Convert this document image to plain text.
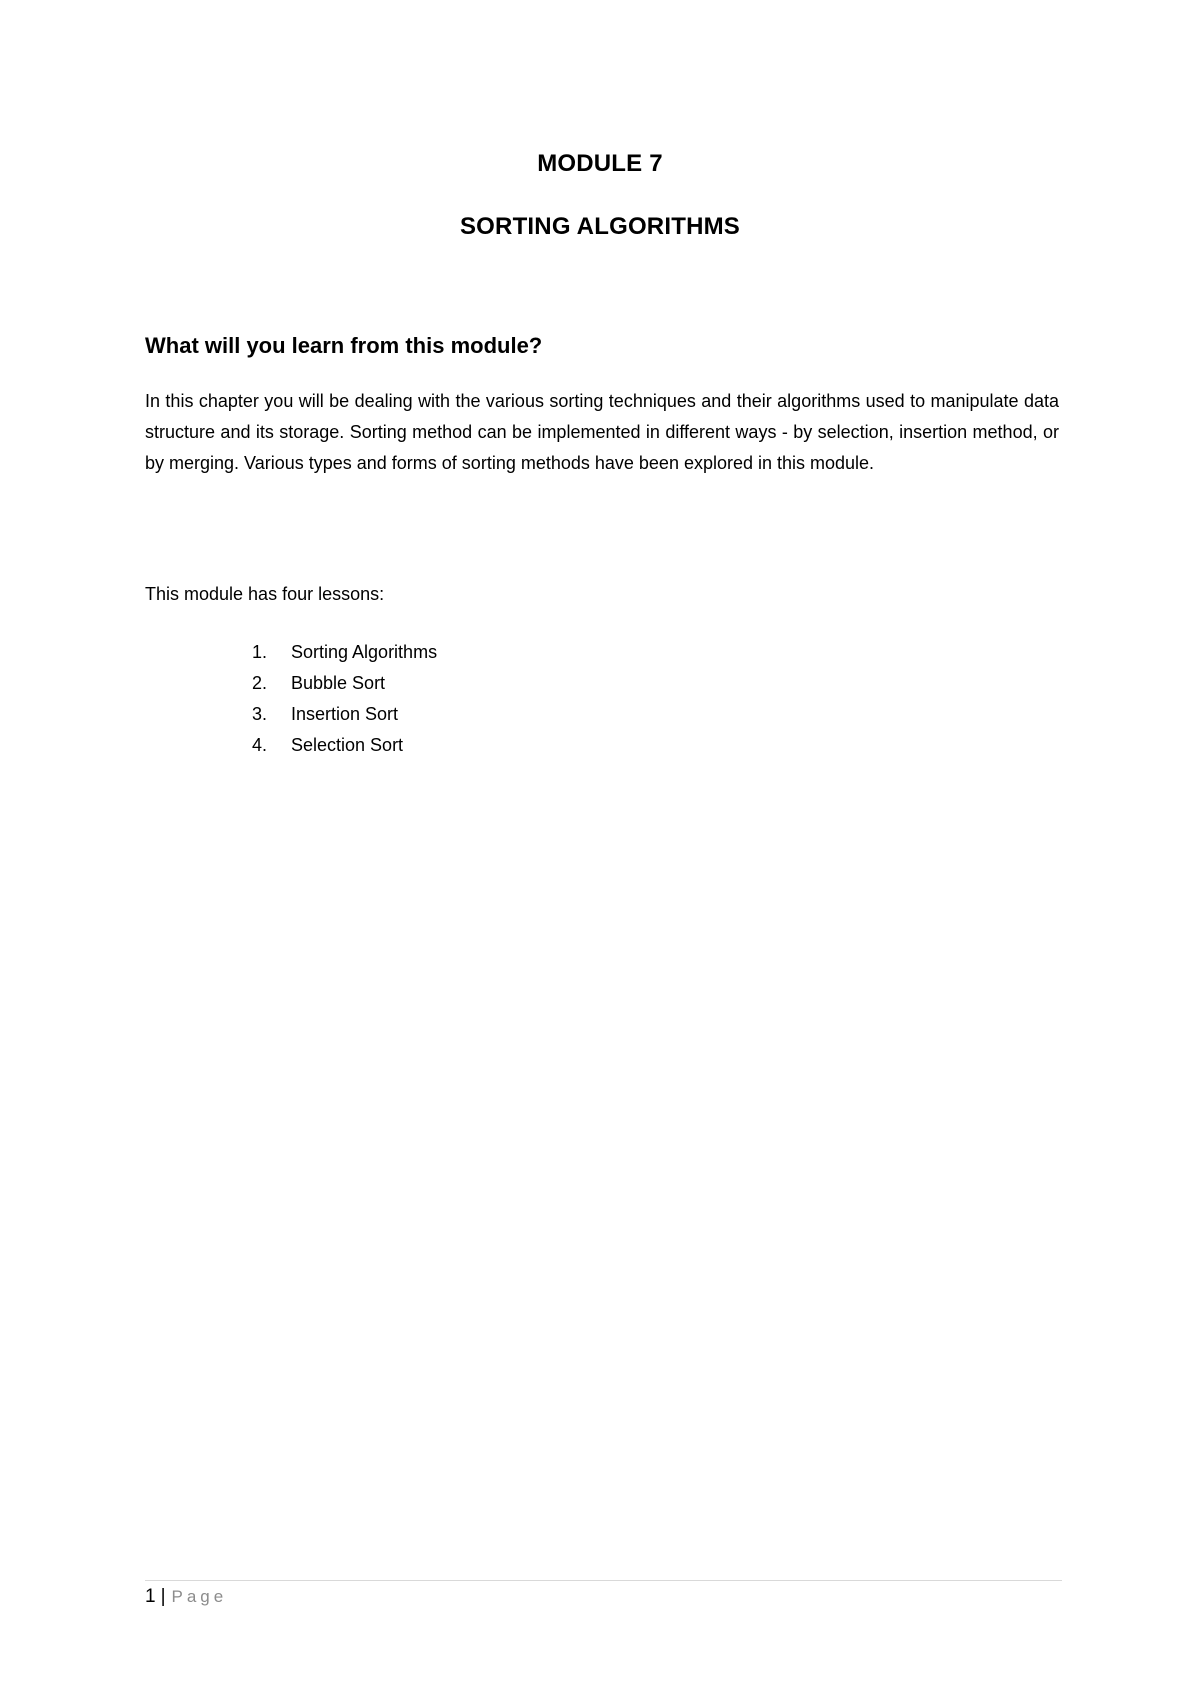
MODULE 7
SORTING ALGORITHMS
What will you learn from this module?
In this chapter you will be dealing with the various sorting techniques and their algorithms used to manipulate data structure and its storage. Sorting method can be implemented in different ways - by selection, insertion method, or by merging. Various types and forms of sorting methods have been explored in this module.
This module has four lessons:
1. Sorting Algorithms
2. Bubble Sort
3. Insertion Sort
4. Selection Sort
1 | Page
